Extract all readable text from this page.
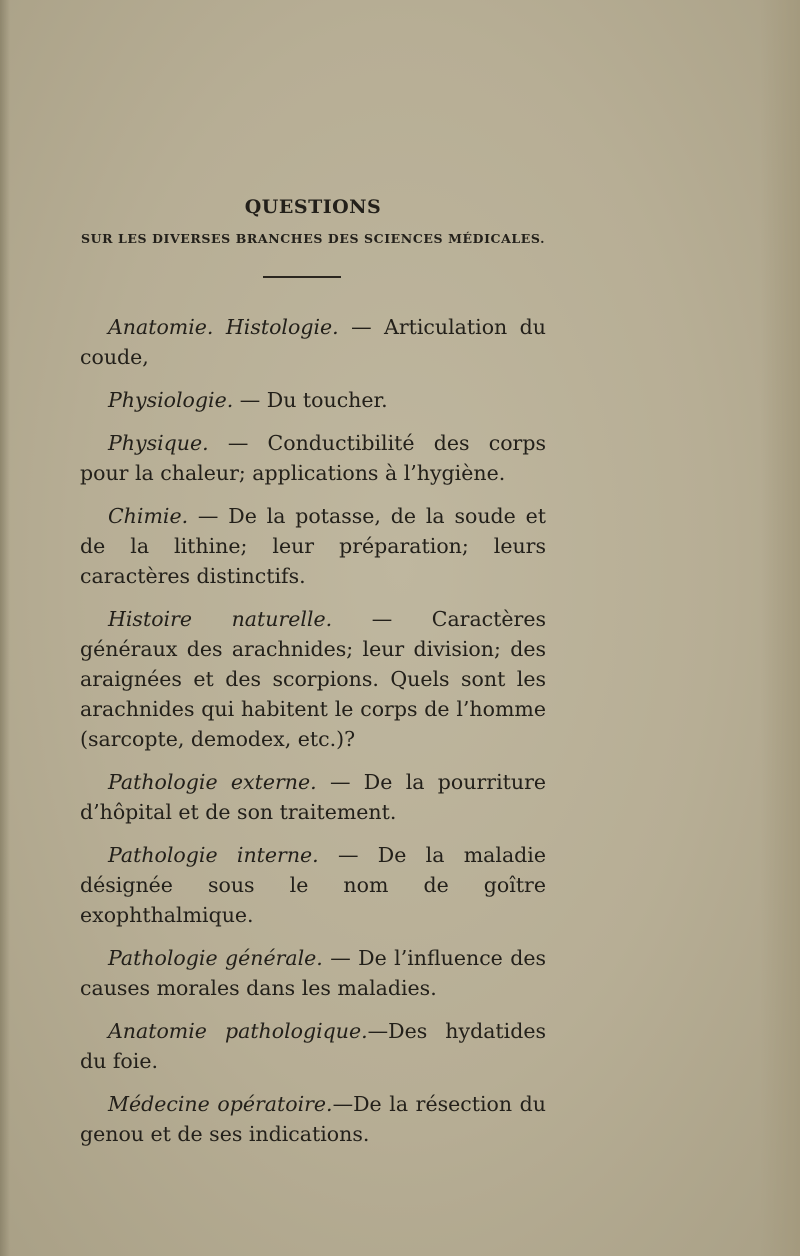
QUESTIONS
SUR LES DIVERSES BRANCHES DES SCIENCES MÉDICALES.
Anatomie. Histologie. — Articulation du coude,
Physiologie. — Du toucher.
Physique. — Conductibilité des corps pour la chaleur; applications à l’hygiène.
Chimie. — De la potasse, de la soude et de la lithine; leur préparation; leurs caractères distinctifs.
Histoire naturelle. — Caractères généraux des arachnides; leur division; des araignées et des scorpions. Quels sont les arachnides qui habitent le corps de l’homme (sarcopte, demodex, etc.)?
Pathologie externe. — De la pourriture d’hôpital et de son traitement.
Pathologie interne. — De la maladie désignée sous le nom de goître exophthalmique.
Pathologie générale. — De l’influence des causes morales dans les maladies.
Anatomie pathologique.—Des hydatides du foie.
Médecine opératoire.—De la résection du genou et de ses indications.
